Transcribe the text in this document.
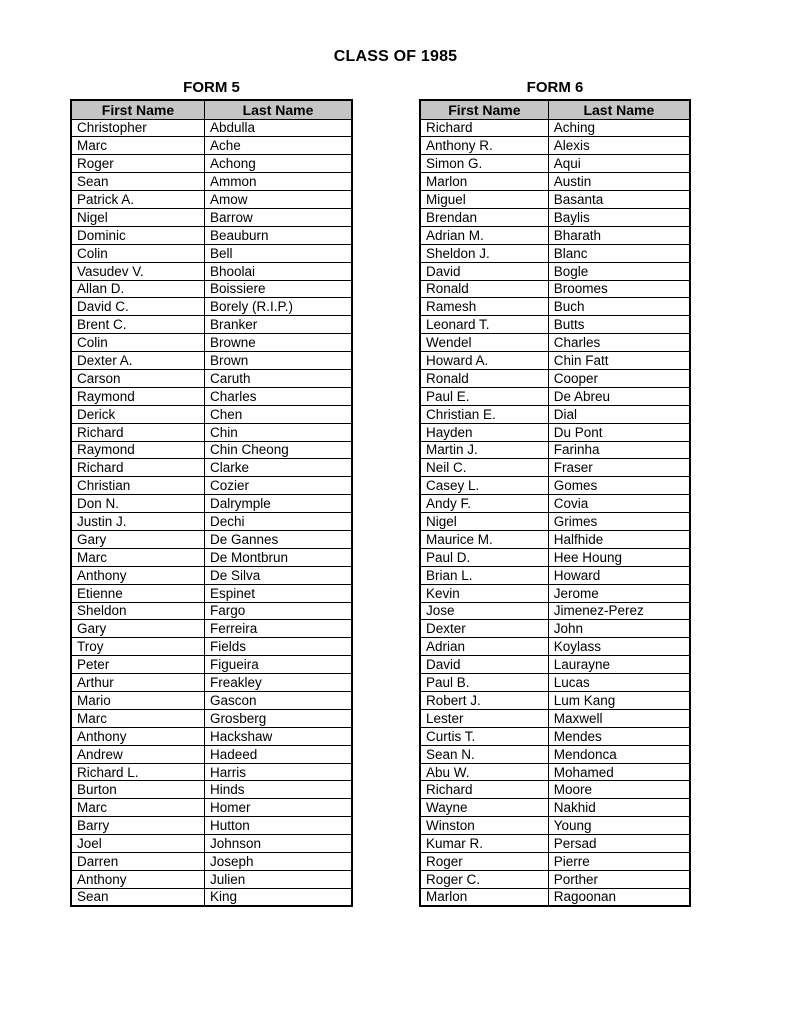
CLASS OF 1985
FORM 5
First Name	Last Name
Christopher	Abdulla
Marc	Ache
Roger	Achong
Sean	Ammon
Patrick A.	Amow
Nigel	Barrow
Dominic	Beauburn
Colin	Bell
Vasudev V.	Bhoolai
Allan D.	Boissiere
David C.	Borely (R.I.P.)
Brent C.	Branker
Colin	Browne
Dexter A.	Brown
Carson	Caruth
Raymond	Charles
Derick	Chen
Richard	Chin
Raymond	Chin Cheong
Richard	Clarke
Christian	Cozier
Don N.	Dalrymple
Justin J.	Dechi
Gary	De Gannes
Marc	De Montbrun
Anthony	De Silva
Etienne	Espinet
Sheldon	Fargo
Gary	Ferreira
Troy	Fields
Peter	Figueira
Arthur	Freakley
Mario	Gascon
Marc	Grosberg
Anthony	Hackshaw
Andrew	Hadeed
Richard L.	Harris
Burton	Hinds
Marc	Homer
Barry	Hutton
Joel	Johnson
Darren	Joseph
Anthony	Julien
Sean	King
FORM 6
First Name	Last Name
Richard	Aching
Anthony R.	Alexis
Simon G.	Aqui
Marlon	Austin
Miguel	Basanta
Brendan	Baylis
Adrian M.	Bharath
Sheldon J.	Blanc
David	Bogle
Ronald	Broomes
Ramesh	Buch
Leonard T.	Butts
Wendel	Charles
Howard A.	Chin Fatt
Ronald	Cooper
Paul E.	De Abreu
Christian E.	Dial
Hayden	Du Pont
Martin J.	Farinha
Neil C.	Fraser
Casey L.	Gomes
Andy F.	Covia
Nigel	Grimes
Maurice M.	Halfhide
Paul D.	Hee Houng
Brian L.	Howard
Kevin	Jerome
Jose	Jimenez-Perez
Dexter	John
Adrian	Koylass
David	Laurayne
Paul B.	Lucas
Robert J.	Lum Kang
Lester	Maxwell
Curtis T.	Mendes
Sean N.	Mendonca
Abu W.	Mohamed
Richard	Moore
Wayne	Nakhid
Winston	Young
Kumar R.	Persad
Roger	Pierre
Roger C.	Porther
Marlon	Ragoonan
